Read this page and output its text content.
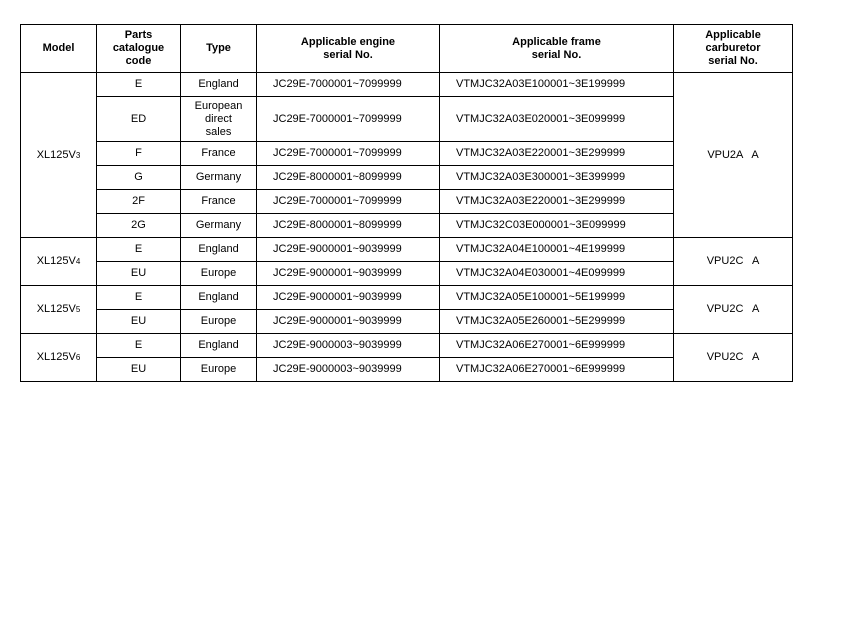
Model	Parts
catalogue
code	Type	Applicable engine
serial No.	Applicable frame
serial No.	Applicable
carburetor
serial No.
XL125V3	E	England	JC29E-7000001~7099999	VTMJC32A03E100001~3E199999	VPU2A   A
	ED	European
direct
sales	JC29E-7000001~7099999	VTMJC32A03E020001~3E099999	
	F	France	JC29E-7000001~7099999	VTMJC32A03E220001~3E299999	
	G	Germany	JC29E-8000001~8099999	VTMJC32A03E300001~3E399999	
	2F	France	JC29E-7000001~7099999	VTMJC32A03E220001~3E299999	
	2G	Germany	JC29E-8000001~8099999	VTMJC32C03E000001~3E099999	
XL125V4	E	England	JC29E-9000001~9039999	VTMJC32A04E100001~4E199999	VPU2C   A
	EU	Europe	JC29E-9000001~9039999	VTMJC32A04E030001~4E099999	
XL125V5	E	England	JC29E-9000001~9039999	VTMJC32A05E100001~5E199999	VPU2C   A
	EU	Europe	JC29E-9000001~9039999	VTMJC32A05E260001~5E299999	
XL125V6	E	England	JC29E-9000003~9039999	VTMJC32A06E270001~6E999999	VPU2C   A
	EU	Europe	JC29E-9000003~9039999	VTMJC32A06E270001~6E999999	
